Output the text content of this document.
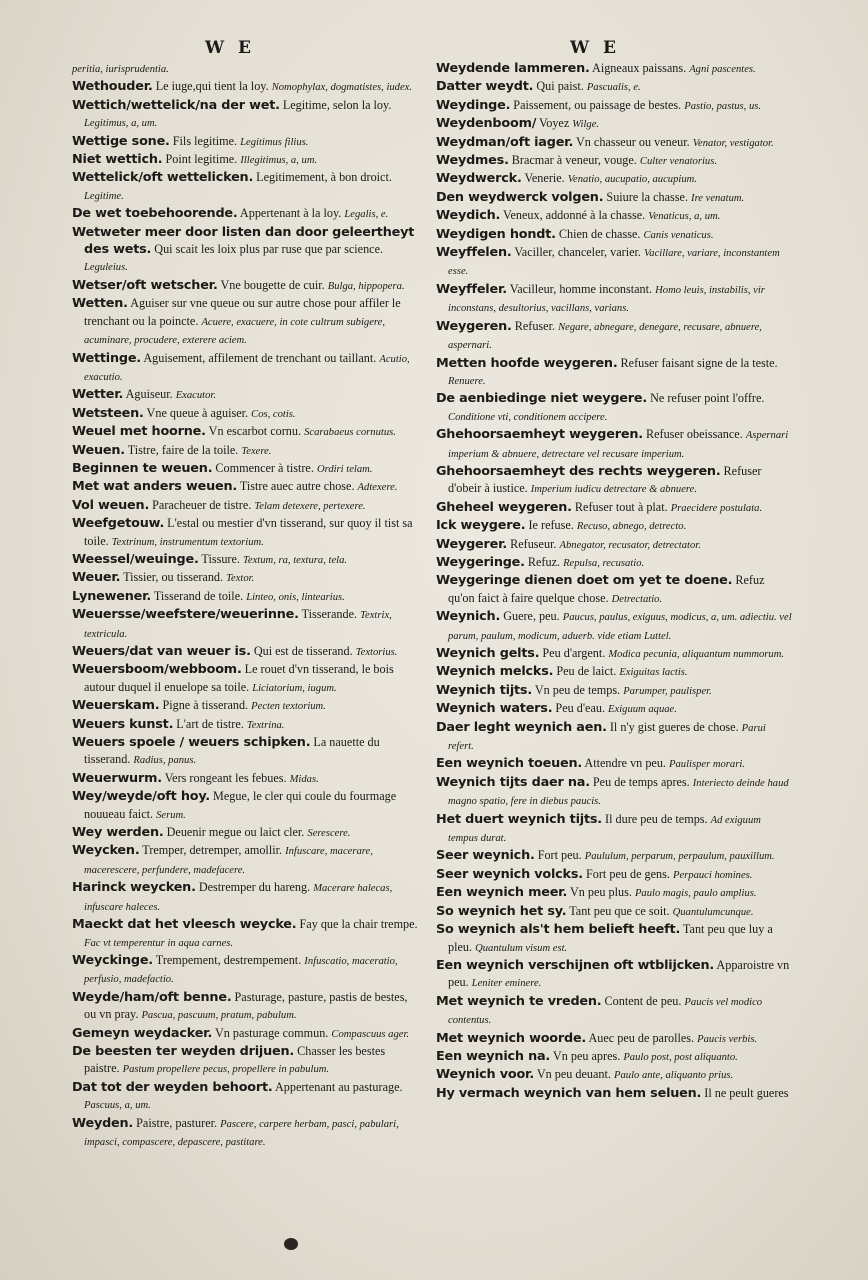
W E	W E

peritia, iurisprudentia.

Wethouder. Le iuge,qui tient la loy. Nomophylax, dogmatistes, iudex.

Wettich/wettelick/na der wet. Legitime, selon la loy. Legitimus, a, um.

Wettige sone. Fils legitime. Legitimus filius.

Niet wettich. Point legitime. Illegitimus, a, um.

Wettelick/oft wettelicken. Legitimement, à bon droict. Legitime.

De wet toebehoorende. Appertenant à la loy. Legalis, e.

Wetweter meer door listen dan door geleertheyt des wets. Qui scait les loix plus par ruse que par science. Leguleius.

Wetser/oft wetscher. Vne bougette de cuir. Bulga, hippopera.

Wetten. Aguiser sur vne queue ou sur autre chose pour affiler le trenchant ou la poincte. Acuere, exacuere, in cote cultrum subigere, acuminare, procudere, exterere aciem.

Wettinge. Aguisement, affilement de trenchant ou taillant. Acutio, exacutio.

Wetter. Aguiseur. Exacutor.

Wetsteen. Vne queue à aguiser. Cos, cotis.

Weuel met hoorne. Vn escarbot cornu. Scarabaeus cornutus.

Weuen. Tistre, faire de la toile. Texere.

Beginnen te weuen. Commencer à tistre. Ordiri telam.

Met wat anders weuen. Tistre auec autre chose. Adtexere.

Vol weuen. Paracheuer de tistre. Telam detexere, pertexere.

Weefgetouw. L'estal ou mestier d'vn tisserand, sur quoy il tist sa toile. Textrinum, instrumentum textorium.

Weessel/weuinge. Tissure. Textum, ra, textura, tela.

Weuer. Tissier, ou tisserand. Textor.

Lynewener. Tisserand de toile. Linteo, onis, lintearius.

Weuersse/weefstere/weuerinne. Tisserande. Textrix, textricula.

Weuers/dat van weuer is. Qui est de tisserand. Textorius.

Weuersboom/webboom. Le rouet d'vn tisserand, le bois autour duquel il enuelope sa toile. Liciatorium, iugum.

Weuerskam. Pigne à tisserand. Pecten textorium.

Weuers kunst. L'art de tistre. Textrina.

Weuers spoele / weuers schipken. La nauette du tisserand. Radius, panus.

Weuerwurm. Vers rongeant les febues. Midas.

Wey/weyde/oft hoy. Megue, le cler qui coule du fourmage nouueau faict. Serum.

Wey werden. Deuenir megue ou laict cler. Serescere.

Weycken. Tremper, detremper, amollir. Infuscare, macerare, macerescere, perfundere, madefacere.

Harinck weycken. Destremper du hareng. Macerare halecas, infuscare haleces.

Maeckt dat het vleesch weycke. Fay que la chair trempe. Fac vt temperentur in aqua carnes.

Weyckinge. Trempement, destrempement. Infuscatio, maceratio, perfusio, madefactio.

Weyde/ham/oft benne. Pasturage, pasture, pastis de bestes, ou vn pray. Pascua, pascuum, pratum, pabulum.

Gemeyn weydacker. Vn pasturage commun. Compascuus ager.

De beesten ter weyden drijuen. Chasser les bestes paistre. Pastum propellere pecus, propellere in pabulum.

Dat tot der weyden behoort. Appertenant au pasturage. Pascuus, a, um.

Weyden. Paistre, pasturer. Pascere, carpere herbam, pasci, pabulari, impasci, compascere, depascere, pastitare.

Weydende lammeren. Aigneaux paissans. Agni pascentes.

Datter weydt. Qui paist. Pascualis, e.

Weydinge. Paissement, ou paissage de bestes. Pastio, pastus, us.

Weydenboom/ Voyez Wilge.

Weydman/oft iager. Vn chasseur ou veneur. Venator, vestigator.

Weydmes. Bracmar à veneur, vouge. Culter venatorius.

Weydwerck. Venerie. Venatio, aucupatio, aucupium.

Den weydwerck volgen. Suiure la chasse. Ire venatum.

Weydich. Veneux, addonné à la chasse. Venaticus, a, um.

Weydigen hondt. Chien de chasse. Canis venaticus.

Weyffelen. Vaciller, chanceler, varier. Vacillare, variare, inconstantem esse.

Weyffeler. Vacilleur, homme inconstant. Homo leuis, instabilis, vir inconstans, desultorius, vacillans, varians.

Weygeren. Refuser. Negare, abnegare, denegare, recusare, abnuere, aspernari.

Metten hoofde weygeren. Refuser faisant signe de la teste. Renuere.

De aenbiedinge niet weygere. Ne refuser point l'offre. Conditione vti, conditionem accipere.

Ghehoorsaemheyt weygeren. Refuser obeissance. Aspernari imperium & abnuere, detrectare vel recusare imperium.

Ghehoorsaemheyt des rechts weygeren. Refuser d'obeir à iustice. Imperium iudicu detrectare & abnuere.

Gheheel weygeren. Refuser tout à plat. Praecidere postulata.

Ick weygere. Ie refuse. Recuso, abnego, detrecto.

Weygerer. Refuseur. Abnegator, recusator, detrectator.

Weygeringe. Refuz. Repulsa, recusatio.

Weygeringe dienen doet om yet te doene. Refuz qu'on faict à faire quelque chose. Detrectatio.

Weynich. Guere, peu. Paucus, paulus, exiguus, modicus, a, um. adiectiu. vel parum, paulum, modicum, aduerb. vide etiam Luttel.

Weynich gelts. Peu d'argent. Modica pecunia, aliquantum nummorum.

Weynich melcks. Peu de laict. Exiguitas lactis.

Weynich tijts. Vn peu de temps. Parumper, paulisper.

Weynich waters. Peu d'eau. Exiguum aquae.

Daer leght weynich aen. Il n'y gist gueres de chose. Parui refert.

Een weynich toeuen. Attendre vn peu. Paulisper morari.

Weynich tijts daer na. Peu de temps apres. Interiecto deinde haud magno spatio, fere in diebus paucis.

Het duert weynich tijts. Il dure peu de temps. Ad exiguum tempus durat.

Seer weynich. Fort peu. Paululum, perparum, perpaulum, pauxillum.

Seer weynich volcks. Fort peu de gens. Perpauci homines.

Een weynich meer. Vn peu plus. Paulo magis, paulo amplius.

So weynich het sy. Tant peu que ce soit. Quantulumcunque.

So weynich als't hem belieft heeft. Tant peu que luy a pleu. Quantulum visum est.

Een weynich verschijnen oft wtblijcken. Apparoistre vn peu. Leniter eminere.

Met weynich te vreden. Content de peu. Paucis vel modico contentus.

Met weynich woorde. Auec peu de parolles. Paucis verbis.

Een weynich na. Vn peu apres. Paulo post, post aliquanto.

Weynich voor. Vn peu deuant. Paulo ante, aliquanto prius.

Hy vermach weynich van hem seluen. Il ne peult gueres
